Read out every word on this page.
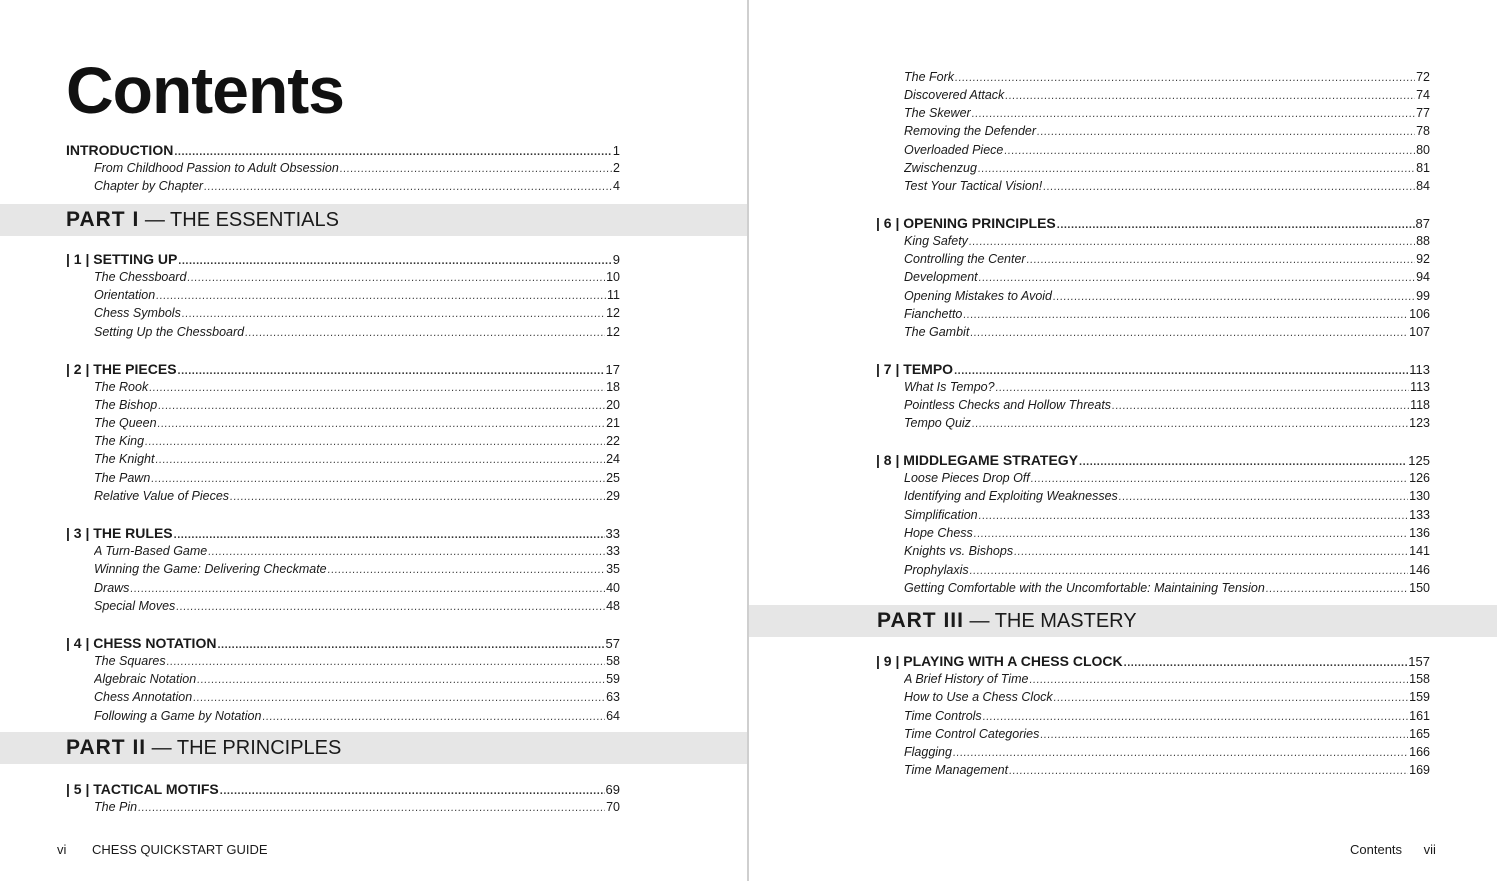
Contents
INTRODUCTION .....	1
From Childhood Passion to Adult Obsession .....	2
Chapter by Chapter .....	4
| 1 | SETTING UP .....	9
The Chessboard .....	10
Orientation .....	11
Chess Symbols .....	12
Setting Up the Chessboard .....	12
| 2 | THE PIECES .....	17
The Rook .....	18
The Bishop .....	20
The Queen .....	21
The King .....	22
The Knight .....	24
The Pawn .....	25
Relative Value of Pieces .....	29
| 3 | THE RULES .....	33
A Turn-Based Game .....	33
Winning the Game: Delivering Checkmate .....	35
Draws .....	40
Special Moves .....	48
| 4 | CHESS NOTATION .....	57
The Squares .....	58
Algebraic Notation .....	59
Chess Annotation .....	63
Following a Game by Notation .....	64
| 5 | TACTICAL MOTIFS .....	69
The Pin .....	70
PART I — THE ESSENTIALS
PART II — THE PRINCIPLES
vi CHESS QUICKSTART GUIDE
The Fork .....	72
Discovered Attack .....	74
The Skewer .....	77
Removing the Defender .....	78
Overloaded Piece .....	80
Zwischenzug .....	81
Test Your Tactical Vision! .....	84
| 6 | OPENING PRINCIPLES .....	87
King Safety .....	88
Controlling the Center .....	92
Development .....	94
Opening Mistakes to Avoid .....	99
Fianchetto .....	106
The Gambit .....	107
| 7 | TEMPO .....	113
What Is Tempo? .....	113
Pointless Checks and Hollow Threats .....	118
Tempo Quiz .....	123
| 8 | MIDDLEGAME STRATEGY .....	125
Loose Pieces Drop Off .....	126
Identifying and Exploiting Weaknesses .....	130
Simplification .....	133
Hope Chess .....	136
Knights vs. Bishops .....	141
Prophylaxis .....	146
Getting Comfortable with the Uncomfortable: Maintaining Tension .....	150
| 9 | PLAYING WITH A CHESS CLOCK .....	157
A Brief History of Time .....	158
How to Use a Chess Clock .....	159
Time Controls .....	161
Time Control Categories .....	165
Flagging .....	166
Time Management .....	169
PART III — THE MASTERY
Contents vii
